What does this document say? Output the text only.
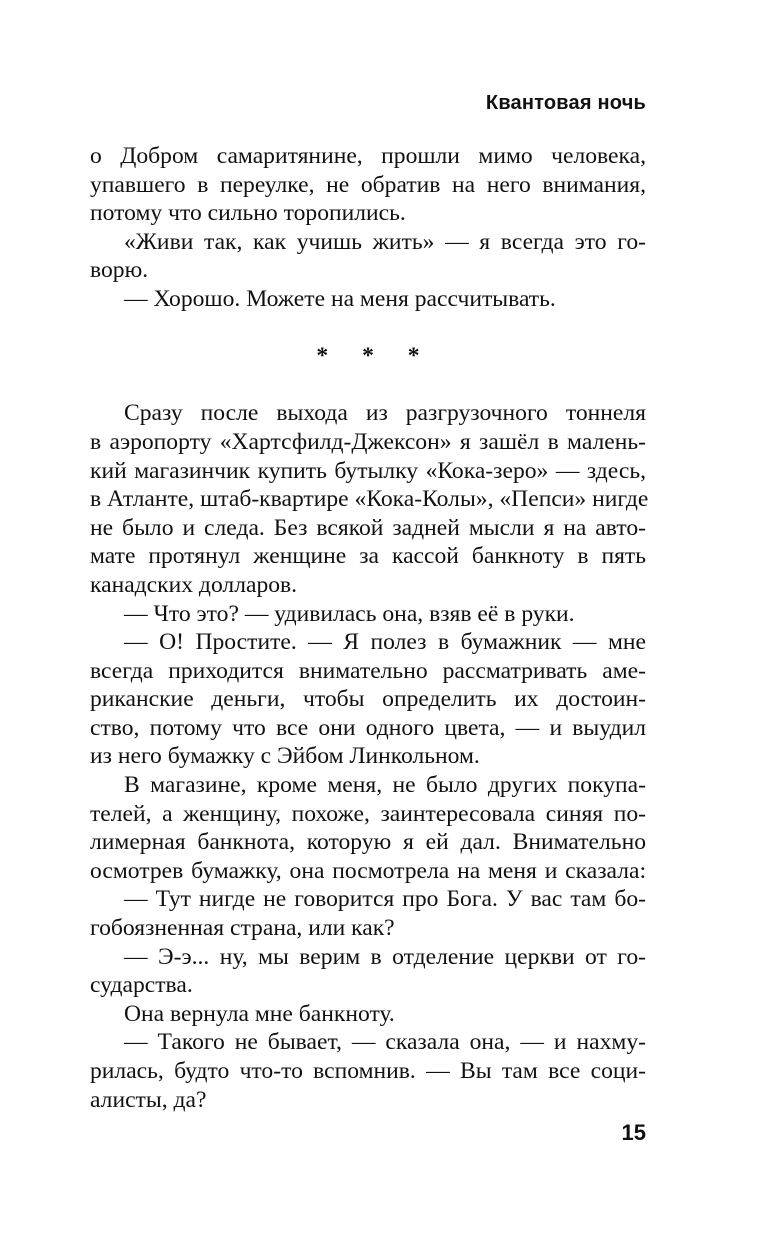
Квантовая ночь
о Добром самаритянине, прошли мимо человека,
упавшего в переулке, не обратив на него внимания,
потому что сильно торопились.
«Живи так, как учишь жить» — я всегда это го-
ворю.
— Хорошо. Можете на меня рассчитывать.
* * *
Сразу после выхода из разгрузочного тоннеля
в аэропорту «Хартсфилд-Джексон» я зашёл в малень-
кий магазинчик купить бутылку «Кока-зеро» — здесь,
в Атланте, штаб-квартире «Кока-Колы», «Пепси» нигде
не было и следа. Без всякой задней мысли я на авто-
мате протянул женщине за кассой банкноту в пять
канадских долларов.
— Что это? — удивилась она, взяв её в руки.
— О! Простите. — Я полез в бумажник — мне
всегда приходится внимательно рассматривать аме-
риканские деньги, чтобы определить их достоин-
ство, потому что все они одного цвета, — и выудил
из него бумажку с Эйбом Линкольном.
В магазине, кроме меня, не было других покупа-
телей, а женщину, похоже, заинтересовала синяя по-
лимерная банкнота, которую я ей дал. Внимательно
осмотрев бумажку, она посмотрела на меня и сказала:
— Тут нигде не говорится про Бога. У вас там бо-
гобоязненная страна, или как?
— Э-э... ну, мы верим в отделение церкви от го-
сударства.
Она вернула мне банкноту.
— Такого не бывает, — сказала она, — и нахму-
рилась, будто что-то вспомнив. — Вы там все соци-
алисты, да?
15
